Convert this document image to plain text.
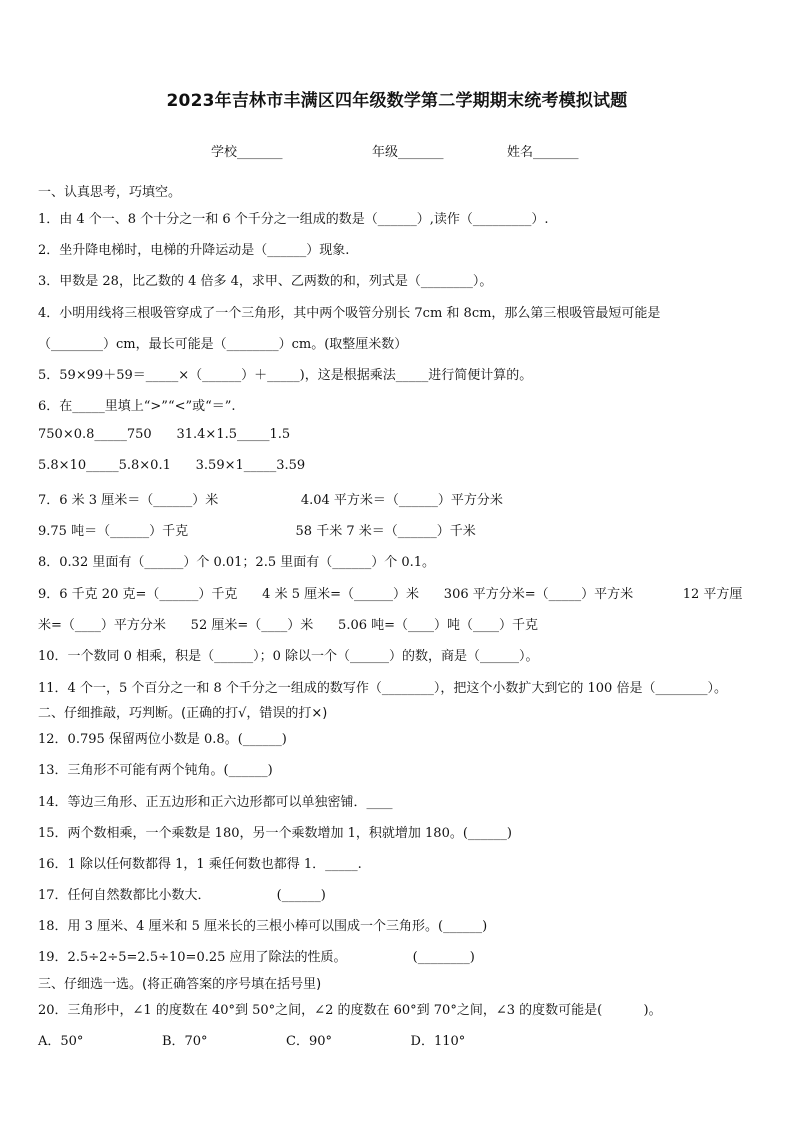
2023年吉林市丰满区四年级数学第二学期期末统考模拟试题
学校_______	年级_______	姓名_______
一、认真思考，巧填空。
1．由 4 个一、8 个十分之一和 6 个千分之一组成的数是（______）,读作（_________）.
2．坐升降电梯时，电梯的升降运动是（______）现象.
3．甲数是 28，比乙数的 4 倍多 4，求甲、乙两数的和，列式是（________）。
4．小明用线将三根吸管穿成了一个三角形，其中两个吸管分别长 7cm 和 8cm，那么第三根吸管最短可能是
（________）cm，最长可能是（________）cm。(取整厘米数）
5．59×99＋59＝_____×（______）＋_____)，这是根据乘法_____进行简便计算的。
6．在_____里填上“>”“<”或“＝”.
750×0.8_____750      31.4×1.5_____1.5
5.8×10_____5.8×0.1      3.59×1_____3.59
7．6 米 3 厘米＝（______）米                    4.04 平方米＝（______）平方分米
9.75 吨＝（______）千克                          58 千米 7 米＝（______）千米
8．0.32 里面有（______）个 0.01；2.5 里面有（______）个 0.1。
9．6 千克 20 克=（______）千克      4 米 5 厘米=（______）米      306 平方分米=（_____）平方米            12 平方厘
米=（____）平方分米      52 厘米=（____）米      5.06 吨=（____）吨（____）千克
10．一个数同 0 相乘，积是（______）；0 除以一个（______）的数，商是（______）。
11．4 个一，5 个百分之一和 8 个千分之一组成的数写作（________），把这个小数扩大到它的 100 倍是（________）。
二、仔细推敲，巧判断。(正确的打√，错误的打×)
12．0.795 保留两位小数是 0.8。(______)
13．三角形不可能有两个钝角。(______)
14．等边三角形、正五边形和正六边形都可以单独密铺．____
15．两个数相乘，一个乘数是 180，另一个乘数增加 1，积就增加 180。(______)
16．1 除以任何数都得 1，1 乘任何数也都得 1．_____.
17．任何自然数都比小数大．                (______)
18．用 3 厘米、4 厘米和 5 厘米长的三根小棒可以围成一个三角形。(______)
19．2.5÷2÷5=2.5÷10=0.25 应用了除法的性质。                (________)
三、仔细选一选。(将正确答案的序号填在括号里)
20．三角形中，∠1 的度数在 40°到 50°之间，∠2 的度数在 60°到 70°之间，∠3 的度数可能是(          )。
A．50°                   B．70°                   C．90°                   D．110°
